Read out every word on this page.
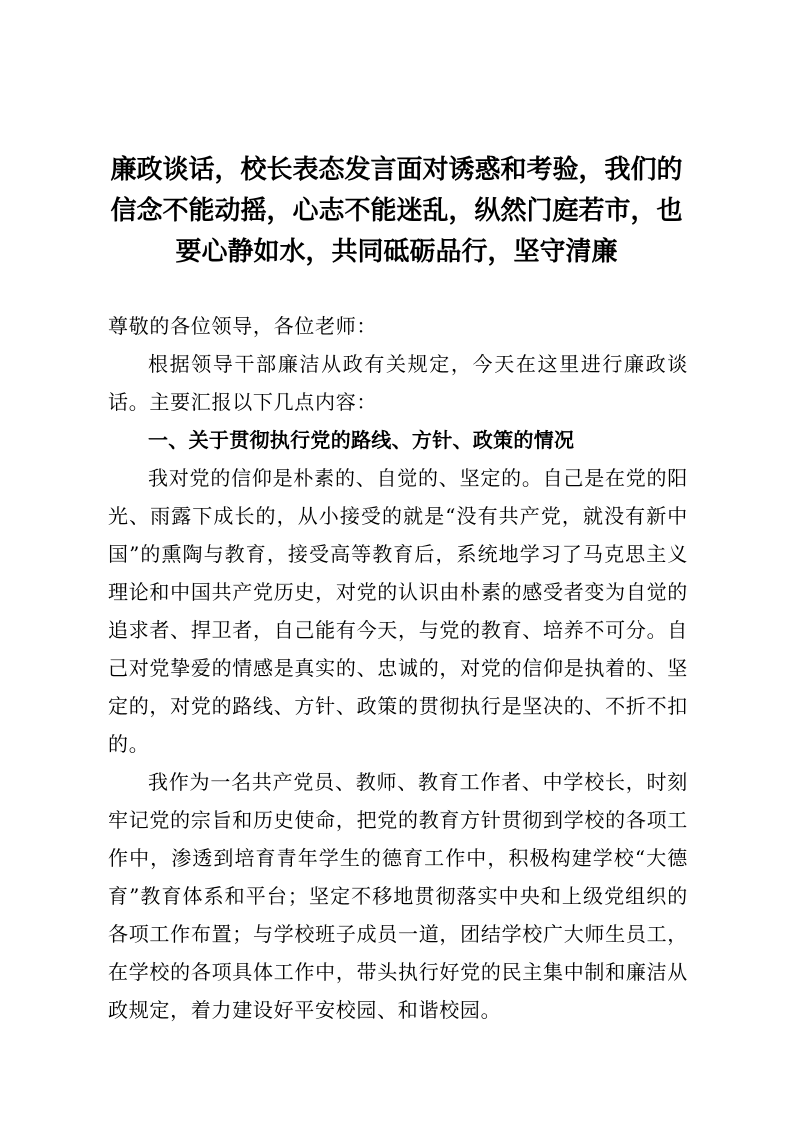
廉政谈话，校长表态发言面对诱惑和考验，我们的信念不能动摇，心志不能迷乱，纵然门庭若市，也要心静如水，共同砥砺品行，坚守清廉

尊敬的各位领导，各位老师：

根据领导干部廉洁从政有关规定，今天在这里进行廉政谈话。主要汇报以下几点内容：

一、关于贯彻执行党的路线、方针、政策的情况

我对党的信仰是朴素的、自觉的、坚定的。自己是在党的阳光、雨露下成长的，从小接受的就是“没有共产党，就没有新中国”的熏陶与教育，接受高等教育后，系统地学习了马克思主义理论和中国共产党历史，对党的认识由朴素的感受者变为自觉的追求者、捍卫者，自己能有今天，与党的教育、培养不可分。自己对党挚爱的情感是真实的、忠诚的，对党的信仰是执着的、坚定的，对党的路线、方针、政策的贯彻执行是坚决的、不折不扣的。

我作为一名共产党员、教师、教育工作者、中学校长，时刻牢记党的宗旨和历史使命，把党的教育方针贯彻到学校的各项工作中，渗透到培育青年学生的德育工作中，积极构建学校“大德育”教育体系和平台；坚定不移地贯彻落实中央和上级党组织的各项工作布置；与学校班子成员一道，团结学校广大师生员工，在学校的各项具体工作中，带头执行好党的民主集中制和廉洁从政规定，着力建设好平安校园、和谐校园。
